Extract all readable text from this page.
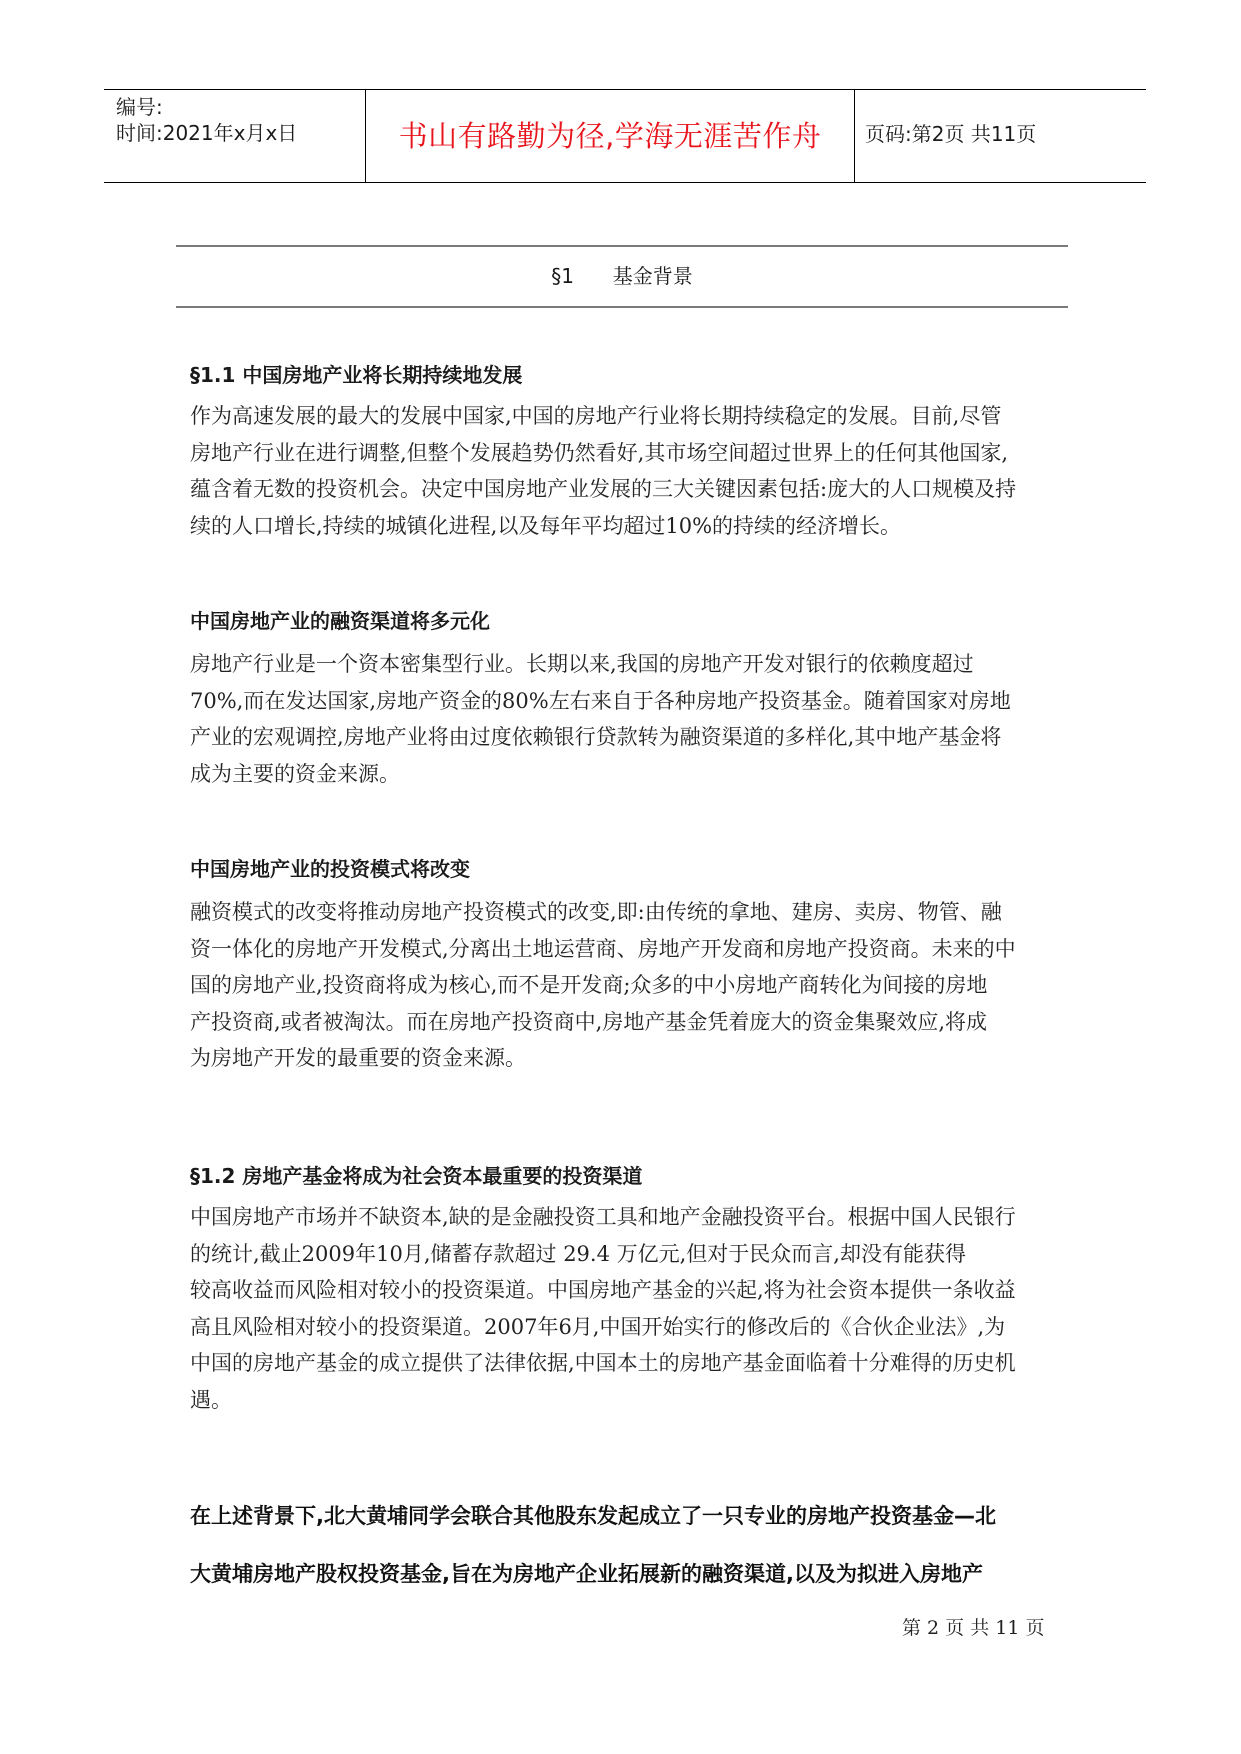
编号:
时间:2021年x月x日	书山有路勤为径,学海无涯苦作舟	页码:第2页 共11页
§1 基金背景
§1.1 中国房地产业将长期持续地发展
作为高速发展的最大的发展中国家,中国的房地产行业将长期持续稳定的发展。目前,尽管
房地产行业在进行调整,但整个发展趋势仍然看好,其市场空间超过世界上的任何其他国家,
蕴含着无数的投资机会。决定中国房地产业发展的三大关键因素包括:庞大的人口规模及持
续的人口增长,持续的城镇化进程,以及每年平均超过10%的持续的经济增长。
中国房地产业的融资渠道将多元化
房地产行业是一个资本密集型行业。长期以来,我国的房地产开发对银行的依赖度超过
70%,而在发达国家,房地产资金的80%左右来自于各种房地产投资基金。随着国家对房地
产业的宏观调控,房地产业将由过度依赖银行贷款转为融资渠道的多样化,其中地产基金将
成为主要的资金来源。
中国房地产业的投资模式将改变
融资模式的改变将推动房地产投资模式的改变,即:由传统的拿地、建房、卖房、物管、融
资一体化的房地产开发模式,分离出土地运营商、房地产开发商和房地产投资商。未来的中
国的房地产业,投资商将成为核心,而不是开发商;众多的中小房地产商转化为间接的房地
产投资商,或者被淘汰。而在房地产投资商中,房地产基金凭着庞大的资金集聚效应,将成
为房地产开发的最重要的资金来源。
§1.2 房地产基金将成为社会资本最重要的投资渠道
中国房地产市场并不缺资本,缺的是金融投资工具和地产金融投资平台。根据中国人民银行
的统计,截止2009年10月,储蓄存款超过 29.4 万亿元,但对于民众而言,却没有能获得
较高收益而风险相对较小的投资渠道。中国房地产基金的兴起,将为社会资本提供一条收益
高且风险相对较小的投资渠道。2007年6月,中国开始实行的修改后的《合伙企业法》,为
中国的房地产基金的成立提供了法律依据,中国本土的房地产基金面临着十分难得的历史机
遇。
在上述背景下,北大黄埔同学会联合其他股东发起成立了一只专业的房地产投资基金—北
大黄埔房地产股权投资基金,旨在为房地产企业拓展新的融资渠道,以及为拟进入房地产
第 2 页 共 11 页
